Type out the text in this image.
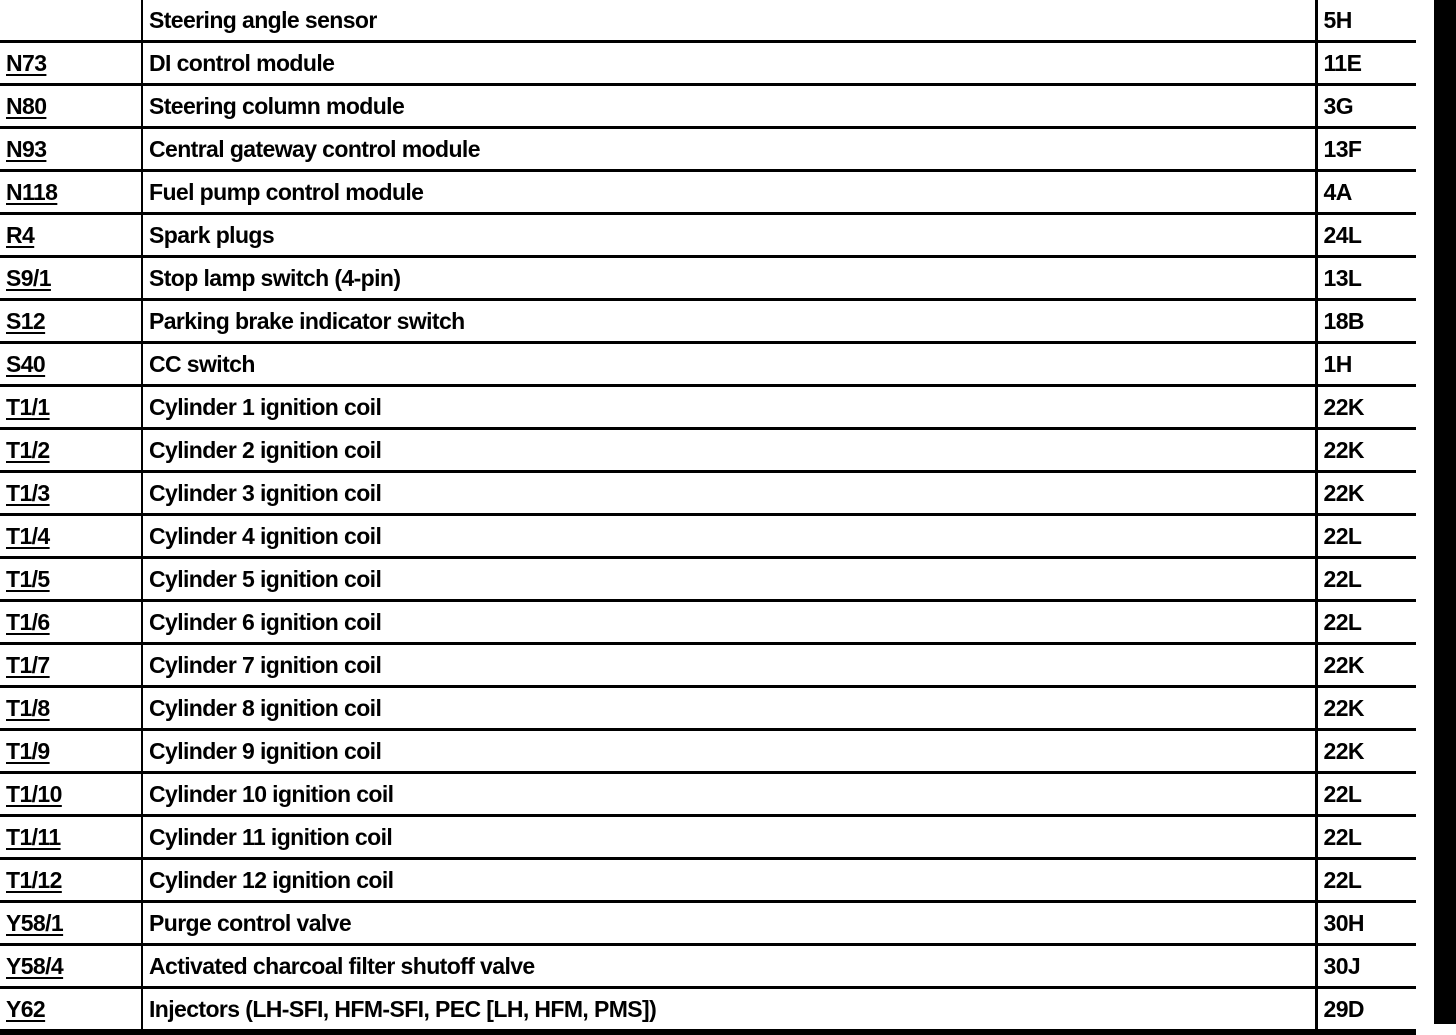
	Steering angle sensor	5H
N73	DI control module	11E
N80	Steering column module	3G
N93	Central gateway control module	13F
N118	Fuel pump control module	4A
R4	Spark plugs	24L
S9/1	Stop lamp switch (4-pin)	13L
S12	Parking brake indicator switch	18B
S40	CC switch	1H
T1/1	Cylinder 1 ignition coil	22K
T1/2	Cylinder 2 ignition coil	22K
T1/3	Cylinder 3 ignition coil	22K
T1/4	Cylinder 4 ignition coil	22L
T1/5	Cylinder 5 ignition coil	22L
T1/6	Cylinder 6 ignition coil	22L
T1/7	Cylinder 7 ignition coil	22K
T1/8	Cylinder 8 ignition coil	22K
T1/9	Cylinder 9 ignition coil	22K
T1/10	Cylinder 10 ignition coil	22L
T1/11	Cylinder 11 ignition coil	22L
T1/12	Cylinder 12 ignition coil	22L
Y58/1	Purge control valve	30H
Y58/4	Activated charcoal filter shutoff valve	30J
Y62	Injectors (LH-SFI, HFM-SFI, PEC [LH, HFM, PMS])	29D
